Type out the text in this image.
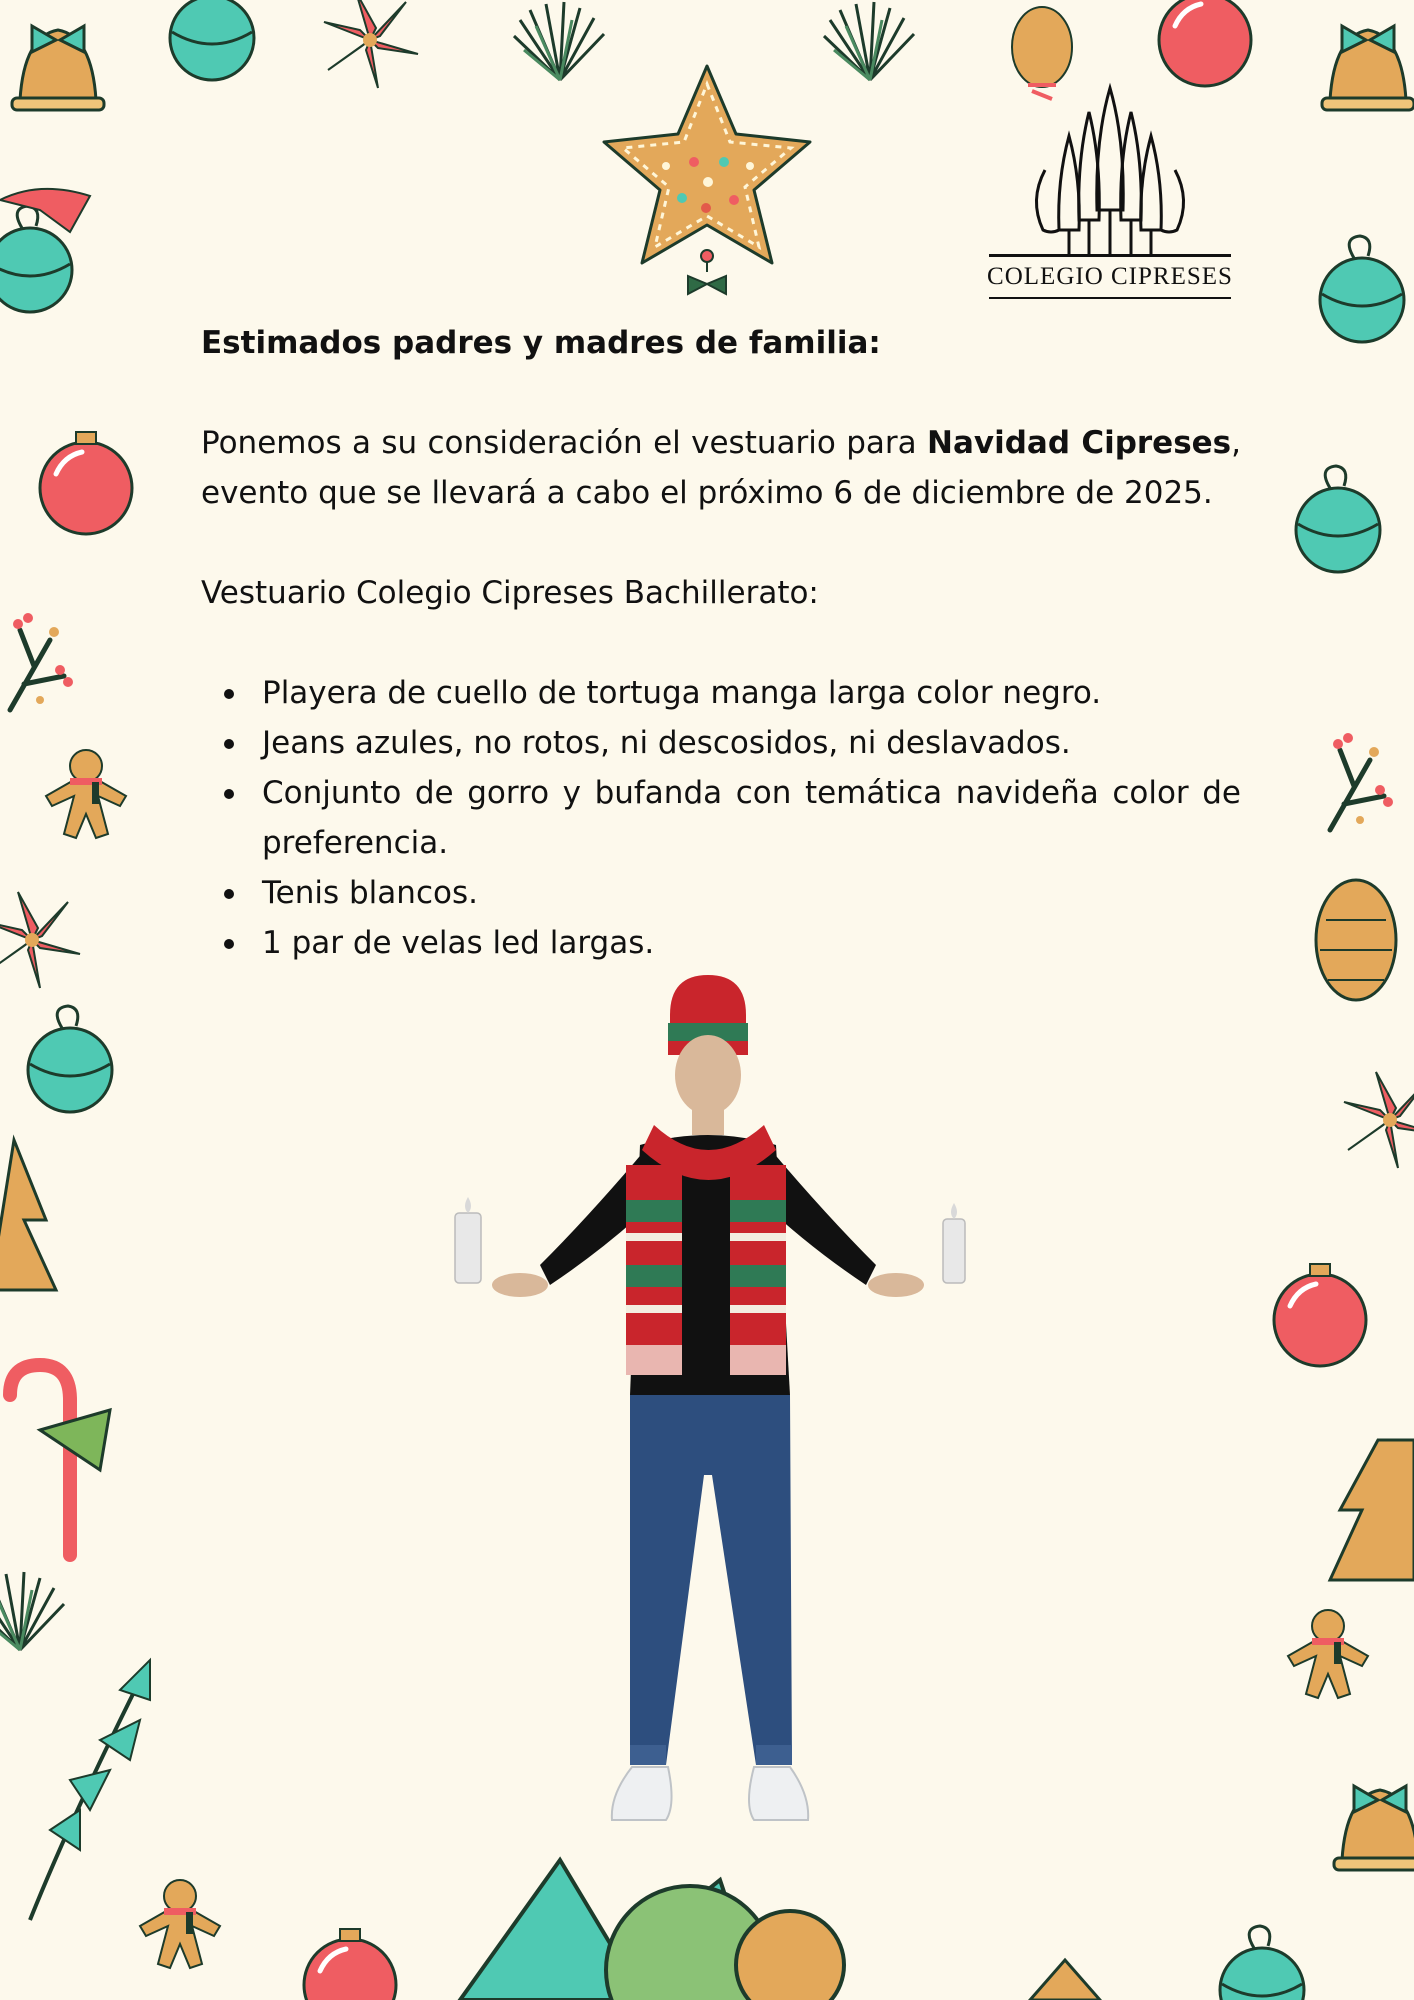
COLEGIO CIPRESES

Estimados padres y madres de familia:

Ponemos a su consideración el vestuario para Navidad Cipreses, evento que se llevará a cabo el próximo 6 de diciembre de 2025.

Vestuario Colegio Cipreses Bachillerato:

Playera de cuello de tortuga manga larga color negro.
Jeans azules, no rotos, ni descosidos, ni deslavados.
Conjunto de gorro y bufanda con temática navideña color de preferencia.
Tenis blancos.
1 par de velas led largas.
